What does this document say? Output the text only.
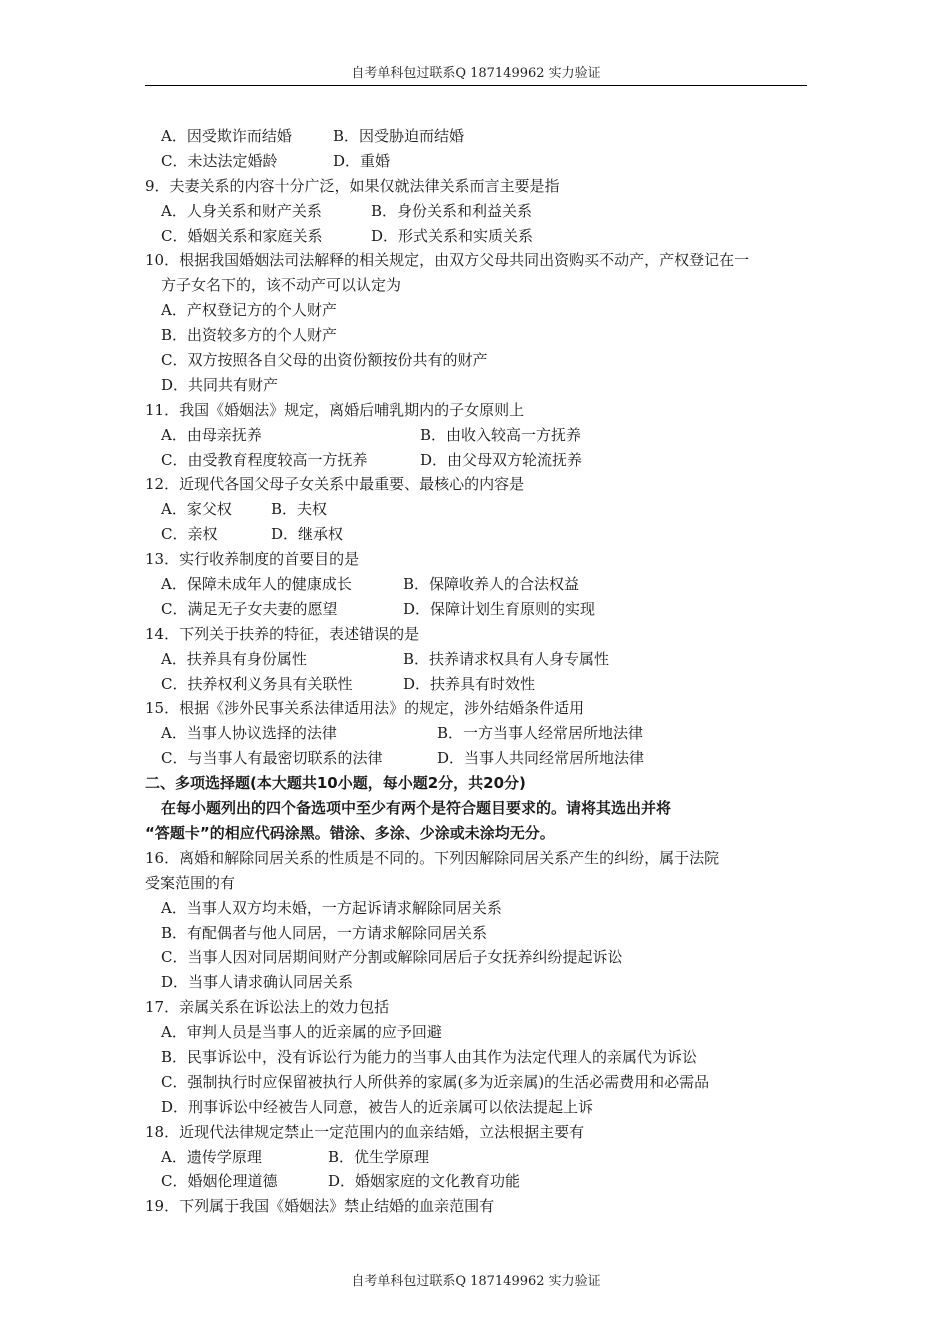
自考单科包过联系Q 187149962 实力验证
A．因受欺诈而结婚	B．因受胁迫而结婚
C．未达法定婚龄	D．重婚
9．夫妻关系的内容十分广泛，如果仅就法律关系而言主要是指
A．人身关系和财产关系	B．身份关系和利益关系
C．婚姻关系和家庭关系	D．形式关系和实质关系
10．根据我国婚姻法司法解释的相关规定，由双方父母共同出资购买不动产，产权登记在一
方子女名下的，该不动产可以认定为
A．产权登记方的个人财产
B．出资较多方的个人财产
C．双方按照各自父母的出资份额按份共有的财产
D．共同共有财产
11．我国《婚姻法》规定，离婚后哺乳期内的子女原则上
A．由母亲抚养	B．由收入较高一方抚养
C．由受教育程度较高一方抚养	D．由父母双方轮流抚养
12．近现代各国父母子女关系中最重要、最核心的内容是
A．家父权	B．夫权
C．亲权	D．继承权
13．实行收养制度的首要目的是
A．保障未成年人的健康成长	B．保障收养人的合法权益
C．满足无子女夫妻的愿望	D．保障计划生育原则的实现
14．下列关于扶养的特征，表述错误的是
A．扶养具有身份属性	B．扶养请求权具有人身专属性
C．扶养权利义务具有关联性	D．扶养具有时效性
15．根据《涉外民事关系法律适用法》的规定，涉外结婚条件适用
A．当事人协议选择的法律	B．一方当事人经常居所地法律
C．与当事人有最密切联系的法律	D．当事人共同经常居所地法律
二、多项选择题(本大题共10小题，每小题2分，共20分)
在每小题列出的四个备选项中至少有两个是符合题目要求的。请将其选出并将
“答题卡”的相应代码涂黑。错涂、多涂、少涂或未涂均无分。
16．离婚和解除同居关系的性质是不同的。下列因解除同居关系产生的纠纷，属于法院
受案范围的有
A．当事人双方均未婚，一方起诉请求解除同居关系
B．有配偶者与他人同居，一方请求解除同居关系
C．当事人因对同居期间财产分割或解除同居后子女抚养纠纷提起诉讼
D．当事人请求确认同居关系
17．亲属关系在诉讼法上的效力包括
A．审判人员是当事人的近亲属的应予回避
B．民事诉讼中，没有诉讼行为能力的当事人由其作为法定代理人的亲属代为诉讼
C．强制执行时应保留被执行人所供养的家属(多为近亲属)的生活必需费用和必需品
D．刑事诉讼中经被告人同意，被告人的近亲属可以依法提起上诉
18．近现代法律规定禁止一定范围内的血亲结婚，立法根据主要有
A．遗传学原理	B．优生学原理
C．婚姻伦理道德	D．婚姻家庭的文化教育功能
19．下列属于我国《婚姻法》禁止结婚的血亲范围有
自考单科包过联系Q 187149962 实力验证
